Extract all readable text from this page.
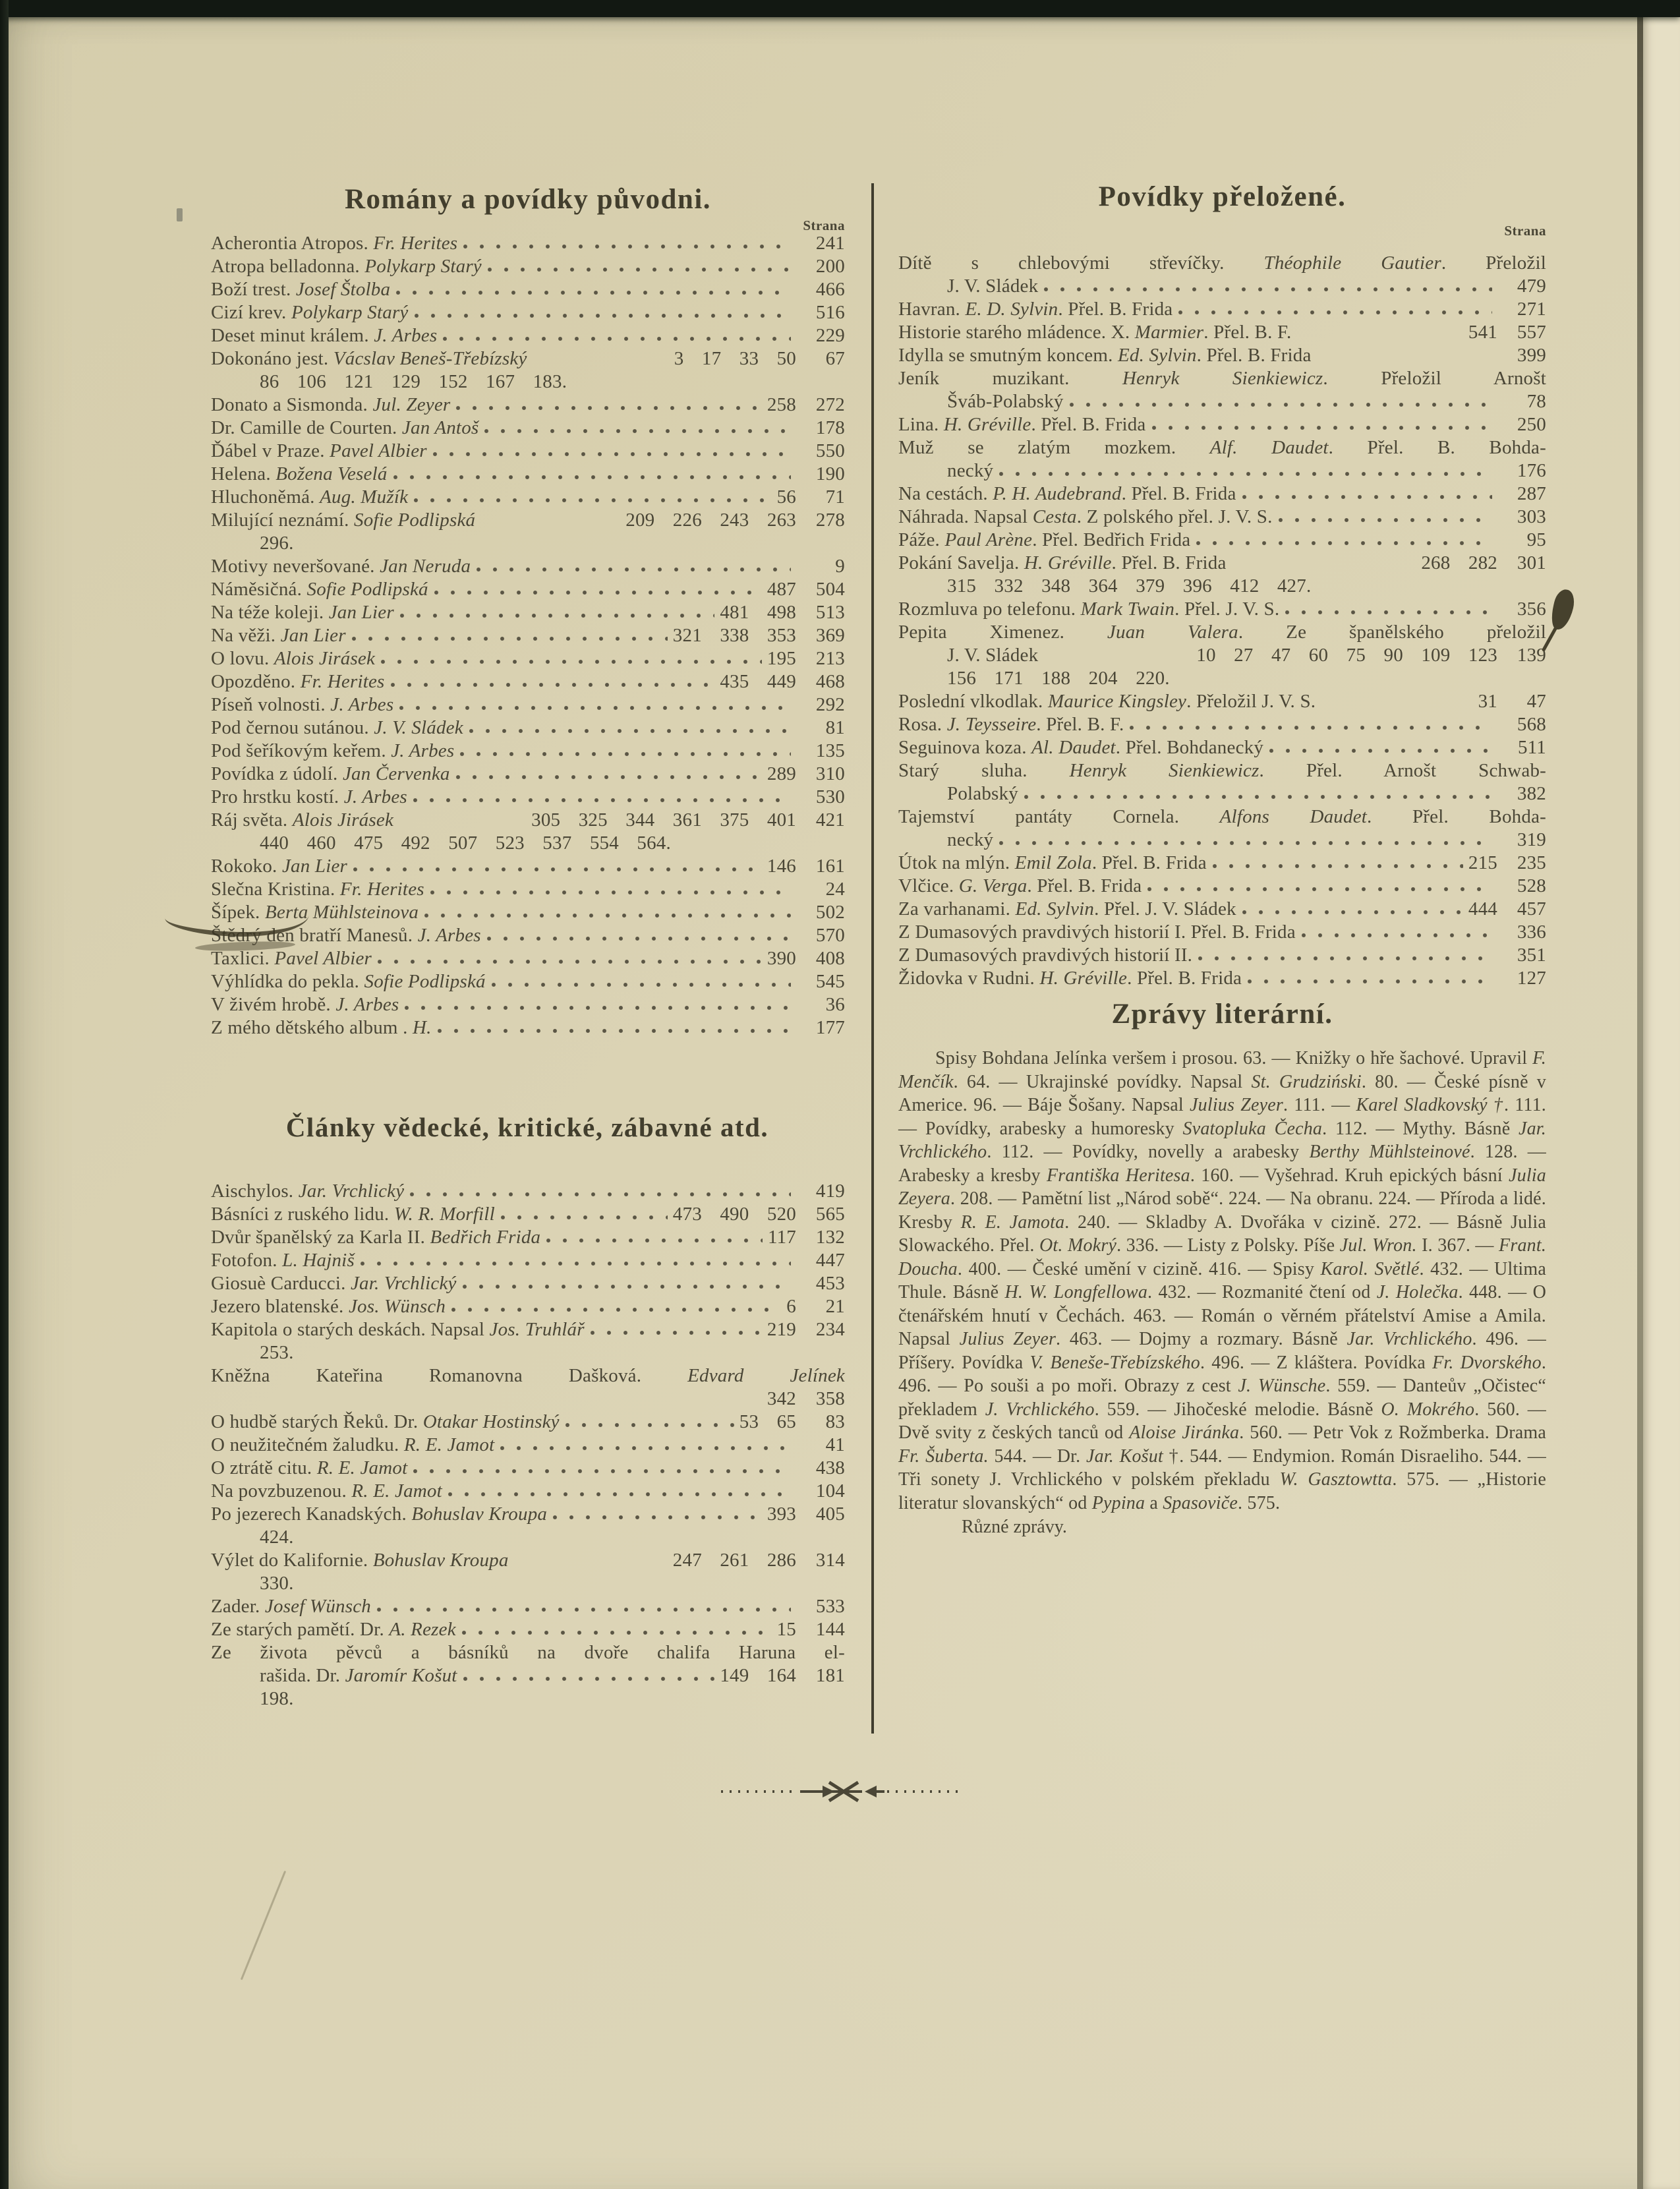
Romány a povídky původni.
Strana
Acherontia Atropos. Fr. Herites	241
Atropa belladonna. Polykarp Starý	200
Boží trest. Josef Štolba	466
Cizí krev. Polykarp Starý	516
Deset minut králem. J. Arbes	229
Dokonáno jest. Vácslav Beneš-Třebízský	3 17 33 50	67
86 106 121 129 152 167 183.
Donato a Sismonda. Jul. Zeyer	258	272
Dr. Camille de Courten. Jan Antoš	178
Ďábel v Praze. Pavel Albier	550
Helena. Božena Veselá	190
Hluchoněmá. Aug. Mužík	56	71
Milující neznámí. Sofie Podlipská	209 226 243 263	278
296.
Motivy neveršované. Jan Neruda	9
Náměsičná. Sofie Podlipská	487	504
Na téže koleji. Jan Lier	481 498	513
Na věži. Jan Lier	321 338 353	369
O lovu. Alois Jirásek	195	213
Opozděno. Fr. Herites	435 449	468
Píseň volnosti. J. Arbes	292
Pod černou sutánou. J. V. Sládek	81
Pod šeříkovým keřem. J. Arbes	135
Povídka z údolí. Jan Červenka	289	310
Pro hrstku kostí. J. Arbes	530
Ráj světa. Alois Jirásek	305 325 344 361 375 401	421
440 460 475 492 507 523 537 554 564.
Rokoko. Jan Lier	146	161
Slečna Kristina. Fr. Herites	24
Šípek. Berta Mühlsteinova	502
Štědrý den bratří Manesů. J. Arbes	570
Taxlici. Pavel Albier	390	408
Výhlídka do pekla. Sofie Podlipská	545
V živém hrobě. J. Arbes	36
Z mého dětského album . H.	177
Články vědecké, kritické, zábavné atd.
Aischylos. Jar. Vrchlický	419
Básníci z ruského lidu. W. R. Morfill	473 490 520	565
Dvůr španělský za Karla II. Bedřich Frida	117	132
Fotofon. L. Hajniš	447
Giosuè Carducci. Jar. Vrchlický	453
Jezero blatenské. Jos. Wünsch	6	21
Kapitola o starých deskách. Napsal Jos. Truhlář	219	234
253.
Kněžna Kateřina Romanovna Dašková. Edvard Jelínek
342	358
O hudbě starých Řeků. Dr. Otakar Hostinský	53 65	83
O neužitečném žaludku. R. E. Jamot	41
O ztrátě citu. R. E. Jamot	438
Na povzbuzenou. R. E. Jamot	104
Po jezerech Kanadských. Bohuslav Kroupa	393	405
424.
Výlet do Kalifornie. Bohuslav Kroupa	247 261 286	314
330.
Zader. Josef Wünsch	533
Ze starých pamětí. Dr. A. Rezek	15	144
Ze života pěvců a básníků na dvoře chalifa Haruna el-
rašida. Dr. Jaromír Košut	149 164	181
198.
Povídky přeložené.
Strana
Dítě s chlebovými střevíčky. Théophile Gautier. Přeložil
J. V. Sládek	479
Havran. E. D. Sylvin. Přel. B. Frida	271
Historie starého mládence. X. Marmier. Přel. B. F.	541	557
Idylla se smutným koncem. Ed. Sylvin. Přel. B. Frida	399
Jeník muzikant. Henryk Sienkiewicz. Přeložil Arnošt
Šváb-Polabský	78
Lina. H. Gréville. Přel. B. Frida	250
Muž se zlatým mozkem. Alf. Daudet. Přel. B. Bohda-
necký	176
Na cestách. P. H. Audebrand. Přel. B. Frida	287
Náhrada. Napsal Cesta. Z polského přel. J. V. S.	303
Páže. Paul Arène. Přel. Bedřich Frida	95
Pokání Savelja. H. Gréville. Přel. B. Frida	268 282	301
315 332 348 364 379 396 412 427.
Rozmluva po telefonu. Mark Twain. Přel. J. V. S.	356
Pepita Ximenez. Juan Valera. Ze španělského přeložil
J. V. Sládek	10 27 47 60 75 90 109 123	139
156 171 188 204 220.
Poslední vlkodlak. Maurice Kingsley. Přeložil J. V. S.	31	47
Rosa. J. Teysseire. Přel. B. F.	568
Seguinova koza. Al. Daudet. Přel. Bohdanecký	511
Starý sluha. Henryk Sienkiewicz. Přel. Arnošt Schwab-
Polabský	382
Tajemství pantáty Cornela. Alfons Daudet. Přel. Bohda-
necký	319
Útok na mlýn. Emil Zola. Přel. B. Frida	215	235
Vlčice. G. Verga. Přel. B. Frida	528
Za varhanami. Ed. Sylvin. Přel. J. V. Sládek	444	457
Z Dumasových pravdivých historií I. Přel. B. Frida	336
Z Dumasových pravdivých historií II.	351
Židovka v Rudni. H. Gréville. Přel. B. Frida	127
Zprávy literární.

Spisy Bohdana Jelínka veršem i prosou. 63. — Knižky o hře šachové. Upravil F. Menčík. 64. — Ukrajinské povídky. Napsal St. Grudziński. 80. — České písně v Americe. 96. — Báje Šošany. Napsal Julius Zeyer. 111. — Karel Sladkovský †. 111. — Povídky, arabesky a humoresky Svatopluka Čecha. 112. — Mythy. Básně Jar. Vrchlického. 112. — Povídky, novelly a arabesky Berthy Mühlsteinové. 128. — Arabesky a kresby Františka Heritesa. 160. — Vyšehrad. Kruh epických básní Julia Zeyera. 208. — Pamětní list „Národ sobě“. 224. — Na obranu. 224. — Příroda a lidé. Kresby R. E. Jamota. 240. — Skladby A. Dvořáka v cizině. 272. — Básně Julia Slowackého. Přel. Ot. Mokrý. 336. — Listy z Polsky. Píše Jul. Wron. I. 367. — Frant. Doucha. 400. — České umění v cizině. 416. — Spisy Karol. Světlé. 432. — Ultima Thule. Básně H. W. Longfellowa. 432. — Rozmanité čtení od J. Holečka. 448. — O čtenářském hnutí v Čechách. 463. — Román o věrném přátelství Amise a Amila. Napsal Julius Zeyer. 463. — Dojmy a rozmary. Básně Jar. Vrchlického. 496. — Příšery. Povídka V. Beneše-Třebízského. 496. — Z kláštera. Povídka Fr. Dvorského. 496. — Po souši a po moři. Obrazy z cest J. Wünsche. 559. — Danteův „Očistec“ překladem J. Vrchlického. 559. — Jihočeské melodie. Básně O. Mokrého. 560. — Dvě svity z českých tanců od Aloise Jiránka. 560. — Petr Vok z Rožmberka. Drama Fr. Šuberta. 544. — Dr. Jar. Košut †. 544. — Endymion. Román Disraeliho. 544. — Tři sonety J. Vrchlického v polském překladu W. Gasztowtta. 575. — „Historie literatur slovanských“ od Pypina a Spasoviče. 575.

Různé zprávy.
